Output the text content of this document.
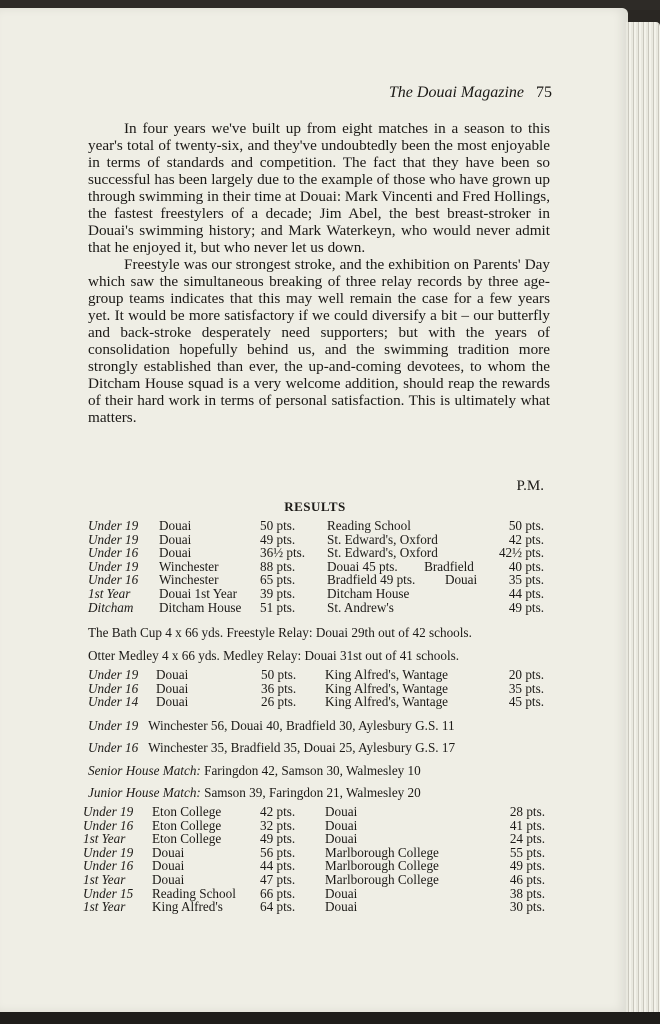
The Douai Magazine 75

In four years we've built up from eight matches in a season to this year's total of twenty-six, and they've undoubtedly been the most enjoyable in terms of standards and competition. The fact that they have been so successful has been largely due to the example of those who have grown up through swimming in their time at Douai: Mark Vincenti and Fred Hollings, the fastest freestylers of a decade; Jim Abel, the best breast-stroker in Douai's swimming history; and Mark Waterkeyn, who would never admit that he enjoyed it, but who never let us down.

Freestyle was our strongest stroke, and the exhibition on Parents' Day which saw the simultaneous breaking of three relay records by three age-group teams indicates that this may well remain the case for a few years yet. It would be more satisfactory if we could diversify a bit – our butterfly and back-stroke desperately need supporters; but with the years of consolidation hopefully behind us, and the swimming tradition more strongly established than ever, the up-and-coming devotees, to whom the Ditcham House squad is a very welcome addition, should reap the rewards of their hard work in terms of personal satisfaction. This is ultimately what matters.

P.M.
RESULTS
Under 19	Douai	50 pts.	Reading School	50 pts.
Under 19	Douai	49 pts.	St. Edward's, Oxford	42 pts.
Under 16	Douai	36½ pts.	St. Edward's, Oxford	42½ pts.
Under 19	Winchester	88 pts.	Douai 45 pts.        Bradfield	40 pts.
Under 16	Winchester	65 pts.	Bradfield 49 pts.         Douai	35 pts.
1st Year	Douai 1st Year	39 pts.	Ditcham House	44 pts.
Ditcham	Ditcham House	51 pts.	St. Andrew's	49 pts.
The Bath Cup 4 x 66 yds. Freestyle Relay: Douai 29th out of 42 schools.
Otter Medley 4 x 66 yds. Medley Relay: Douai 31st out of 41 schools.
Under 19	Douai	50 pts.	King Alfred's, Wantage	20 pts.
Under 16	Douai	36 pts.	King Alfred's, Wantage	35 pts.
Under 14	Douai	26 pts.	King Alfred's, Wantage	45 pts.
Under 19 Winchester 56, Douai 40, Bradfield 30, Aylesbury G.S. 11
Under 16 Winchester 35, Bradfield 35, Douai 25, Aylesbury G.S. 17
Senior House Match: Faringdon 42, Samson 30, Walmesley 10
Junior House Match: Samson 39, Faringdon 21, Walmesley 20
Under 19	Eton College	42 pts.	Douai	28 pts.
Under 16	Eton College	32 pts.	Douai	41 pts.
1st Year	Eton College	49 pts.	Douai	24 pts.
Under 19	Douai	56 pts.	Marlborough College	55 pts.
Under 16	Douai	44 pts.	Marlborough College	49 pts.
1st Year	Douai	47 pts.	Marlborough College	46 pts.
Under 15	Reading School	66 pts.	Douai	38 pts.
1st Year	King Alfred's	64 pts.	Douai	30 pts.
